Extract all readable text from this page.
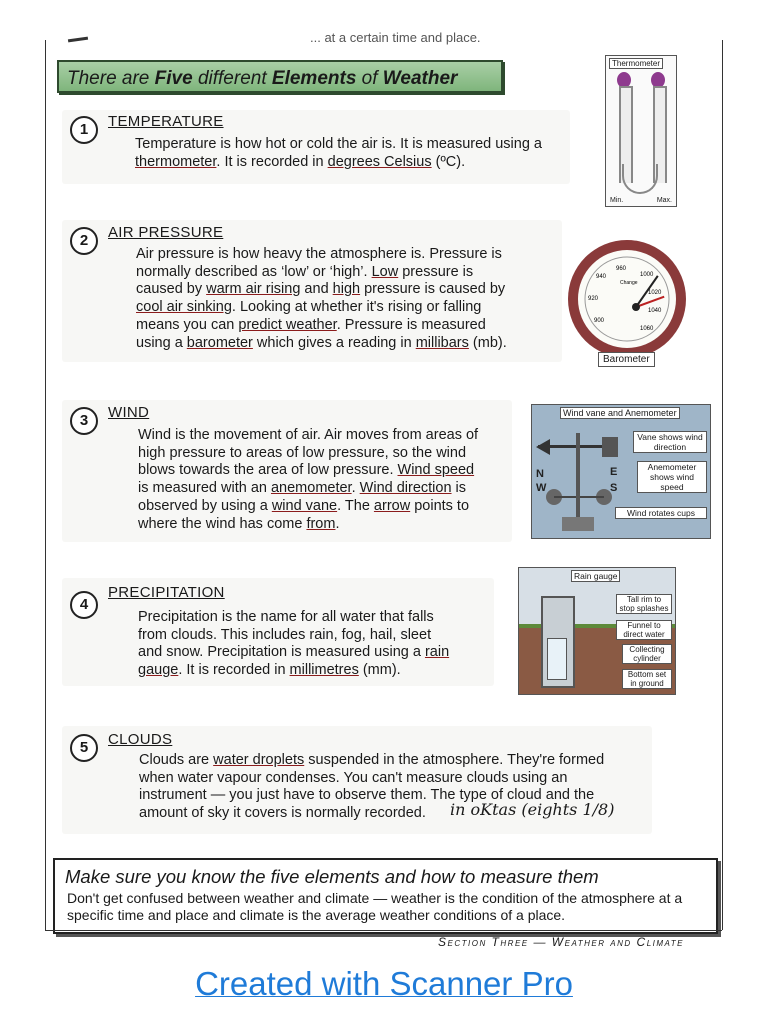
... at a certain time and place.
There are Five different Elements of Weather
1	TEMPERATURE
Temperature is how hot or cold the air is. It is measured using a
thermometer. It is recorded in degrees Celsius (ºC).
Thermometer
Min.	Max.
2	AIR PRESSURE
Air pressure is how heavy the atmosphere is. Pressure is
normally described as ‘low’ or ‘high’. Low pressure is
caused by warm air rising and high pressure is caused by
cool air sinking. Looking at whether it's rising or falling
means you can predict weather. Pressure is measured
using a barometer which gives a reading in millibars (mb).
960
1000
1020
1040
1060
940
920
900
Change
Barometer
3	WIND
Wind is the movement of air. Air moves from areas of
high pressure to areas of low pressure, so the wind
blows towards the area of low pressure. Wind speed
is measured with an anemometer. Wind direction is
observed by using a wind vane. The arrow points to
where the wind has come from.
Wind vane and Anemometer
N
W
E
S
Vane shows wind direction
Anemometer shows wind speed
Wind rotates cups
4
PRECIPITATION
Precipitation is the name for all water that falls
from clouds. This includes rain, fog, hail, sleet
and snow. Precipitation is measured using a rain
gauge. It is recorded in millimetres (mm).
Rain gauge
Tall rim to stop splashes
Funnel to direct water
Collecting cylinder
Bottom set in ground
5	CLOUDS
Clouds are water droplets suspended in the atmosphere. They're formed
when water vapour condenses. You can't measure clouds using an
instrument — you just have to observe them. The type of cloud and the
amount of sky it covers is normally recorded.	in oKtas (eights 1/8)
Make sure you know the five elements and how to measure them
Don't get confused between weather and climate — weather is the condition of the atmosphere at a specific time and place and climate is the average weather conditions of a place.
Section Three — Weather and Climate
Created with Scanner Pro
